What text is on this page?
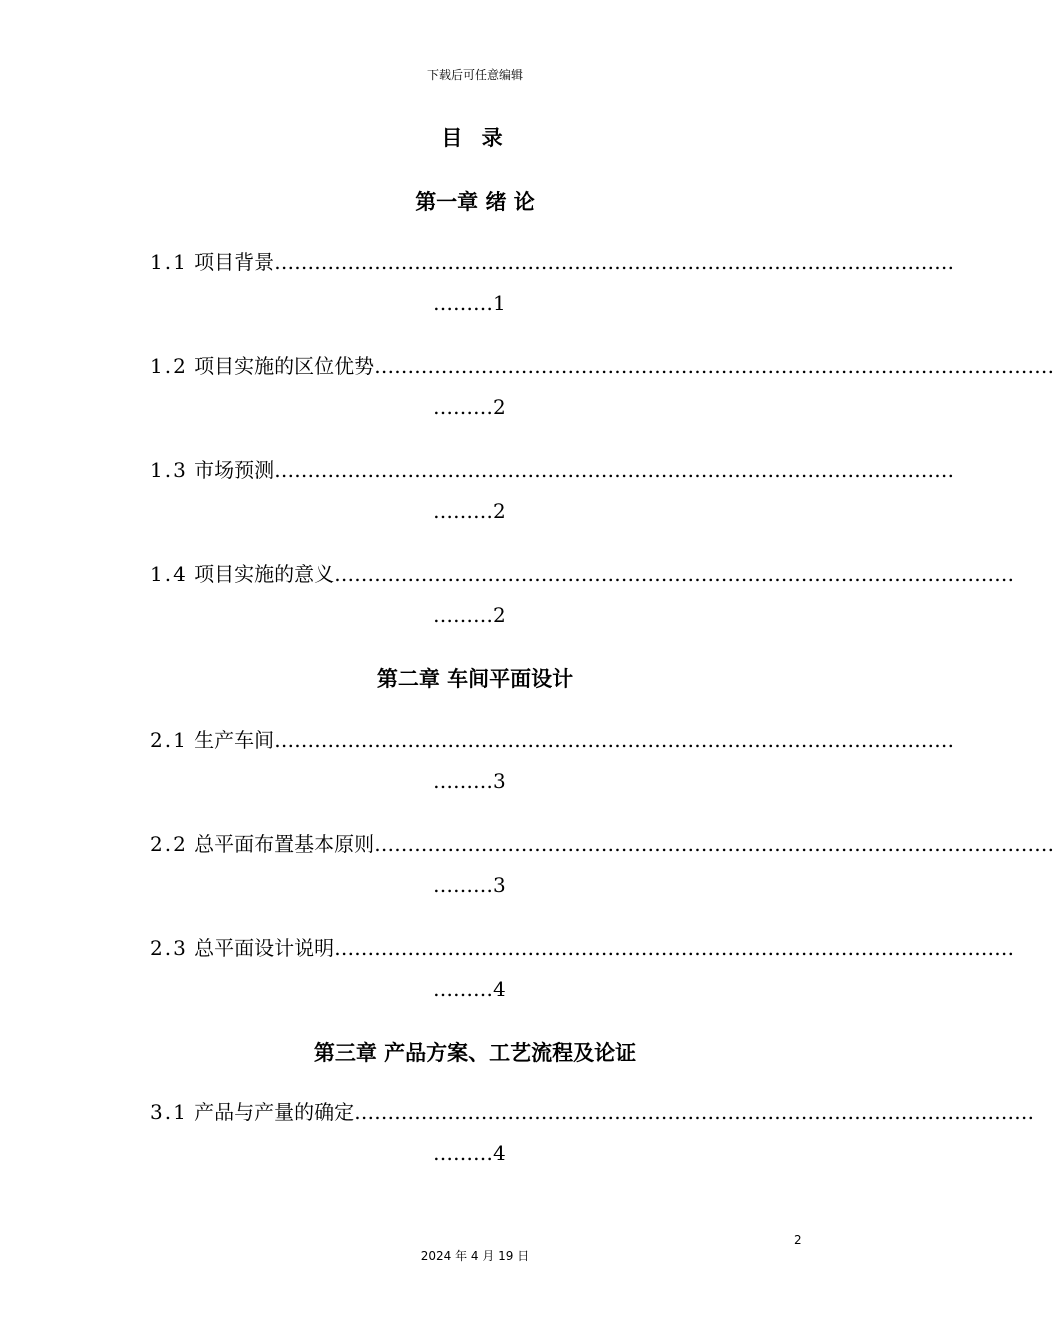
下载后可任意编辑
目 录
第一章 绪 论
1.1 项目背景…………………………………………………………………………………………
………1
1.2 项目实施的区位优势…………………………………………………………………………………………
………2
1.3 市场预测…………………………………………………………………………………………
………2
1.4 项目实施的意义…………………………………………………………………………………………
………2
第二章 车间平面设计
2.1 生产车间…………………………………………………………………………………………
………3
2.2 总平面布置基本原则…………………………………………………………………………………………
………3
2.3 总平面设计说明…………………………………………………………………………………………
………4
第三章 产品方案、工艺流程及论证
3.1 产品与产量的确定…………………………………………………………………………………………
………4
2
2024 年 4 月 19 日
